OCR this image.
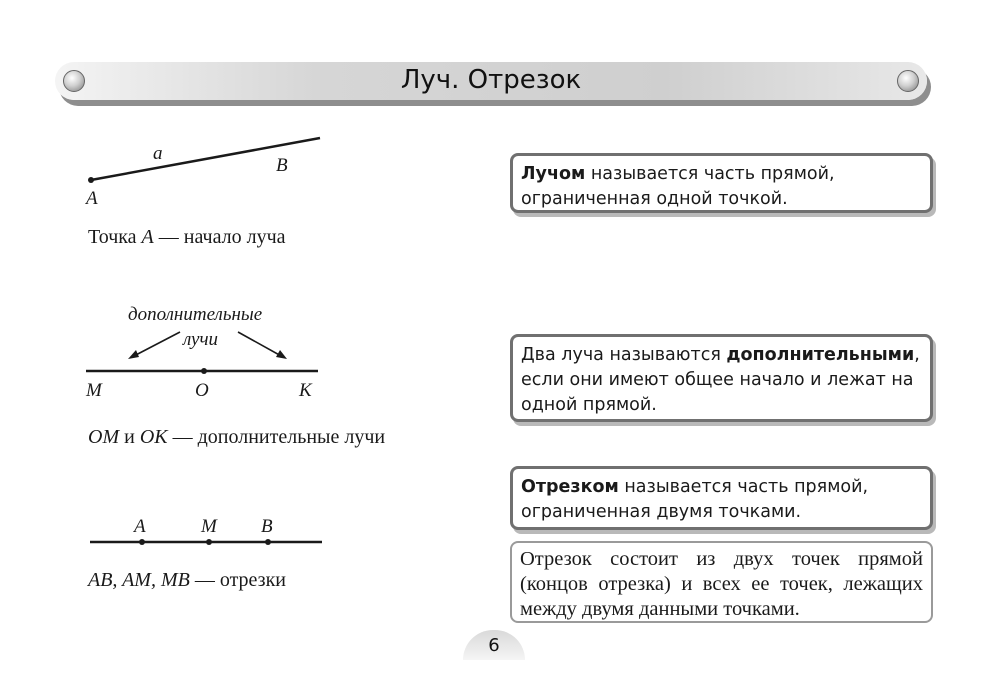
Луч. Отрезок
a
B
A
дополнительные
лучи
M	O	K
A	M B
Точка A — начало луча
OM и OK — дополнительные лучи
AB, AM, MB — отрезки
Лучом называется часть прямой, ограниченная одной точкой.
Два луча называются дополнительными, если они имеют общее начало и лежат на одной прямой.
Отрезком называется часть прямой, ограниченная двумя точками.
Отрезок состоит из двух точек прямой (концов отрезка) и всех ее точек, лежащих между двумя данными точками.
6
